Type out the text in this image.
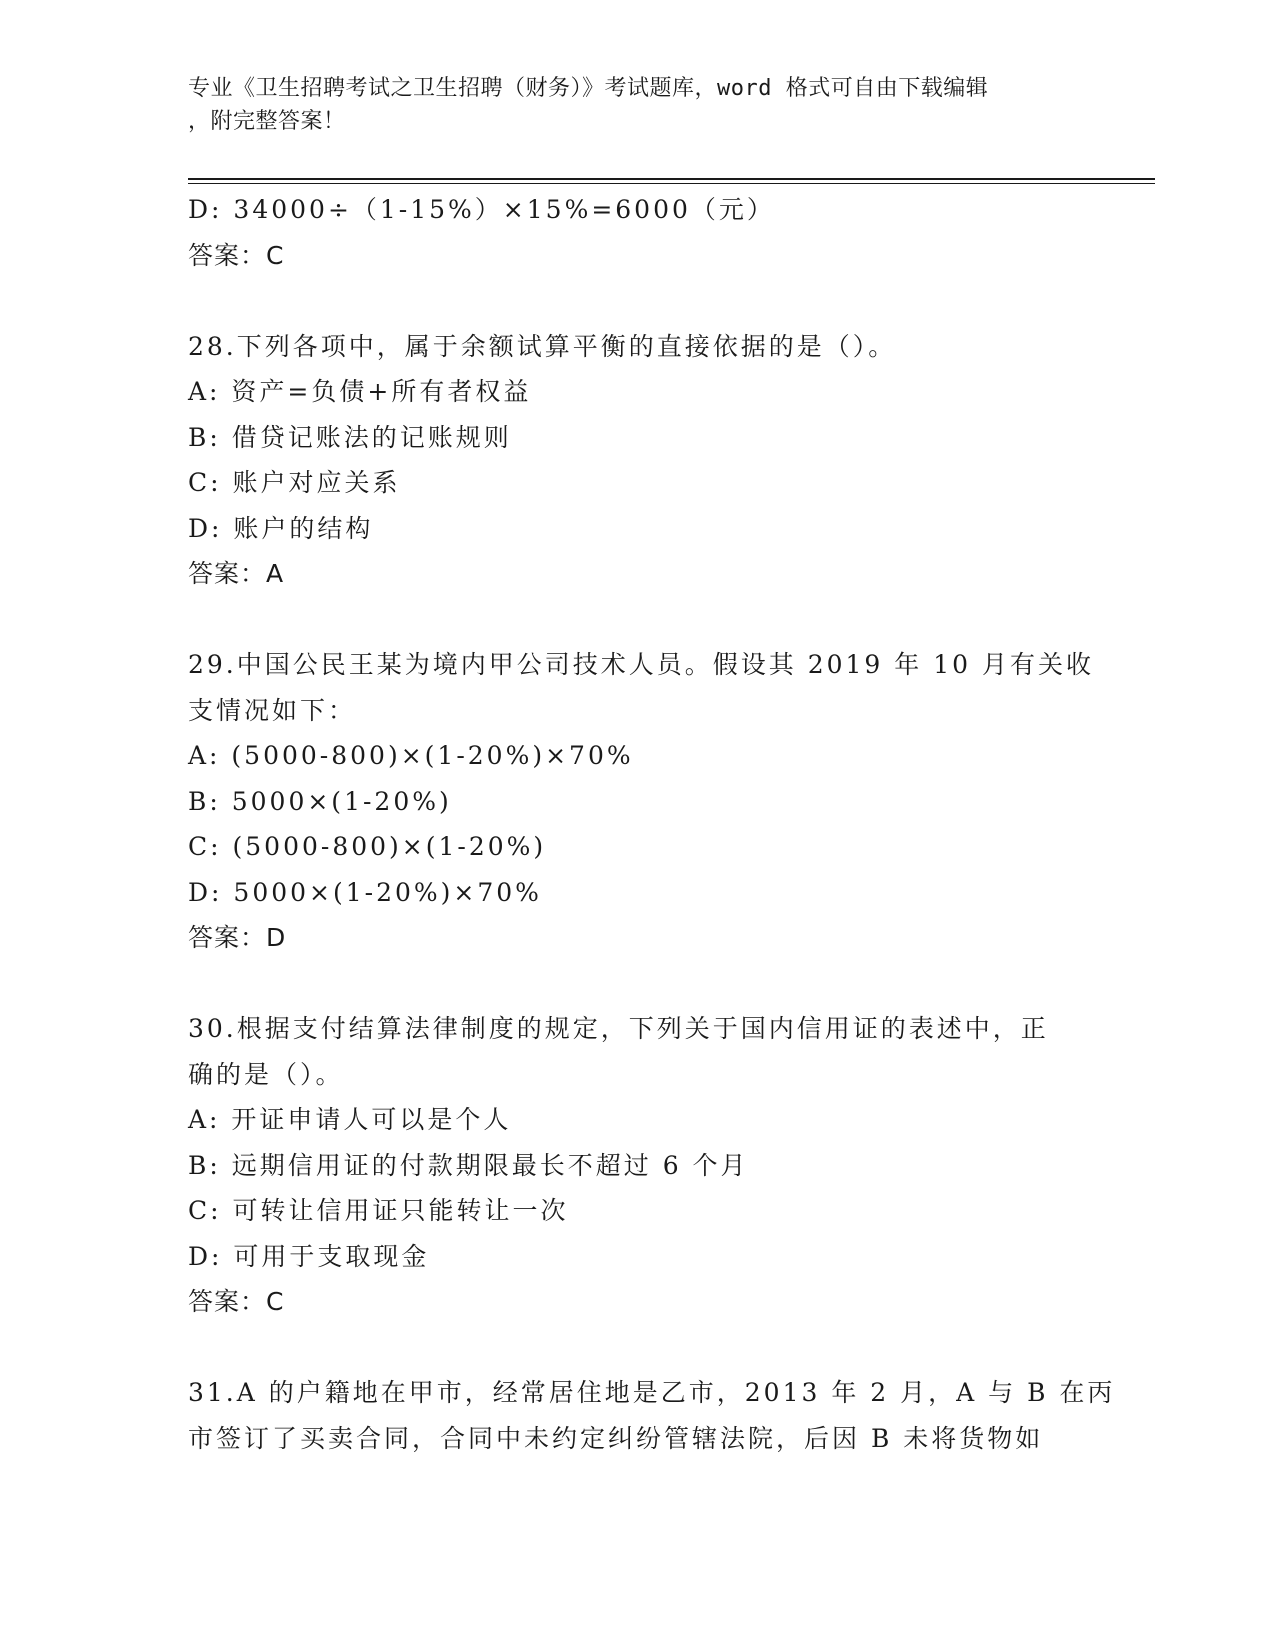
专业《卫生招聘考试之卫生招聘（财务）》考试题库，word 格式可自由下载编辑
，附完整答案！
D: 34000÷（1-15%）×15%=6000（元）
答案：C
28.下列各项中，属于余额试算平衡的直接依据的是（）。
A: 资产=负债+所有者权益
B: 借贷记账法的记账规则
C: 账户对应关系
D: 账户的结构
答案：A
29.中国公民王某为境内甲公司技术人员。假设其 2019 年 10 月有关收
支情况如下：
A: (5000-800)×(1-20%)×70%
B: 5000×(1-20%)
C: (5000-800)×(1-20%)
D: 5000×(1-20%)×70%
答案：D
30.根据支付结算法律制度的规定，下列关于国内信用证的表述中，正
确的是（）。
A: 开证申请人可以是个人
B: 远期信用证的付款期限最长不超过 6 个月
C: 可转让信用证只能转让一次
D: 可用于支取现金
答案：C
31.A 的户籍地在甲市，经常居住地是乙市，2013 年 2 月，A 与 B 在丙
市签订了买卖合同，合同中未约定纠纷管辖法院，后因 B 未将货物如
